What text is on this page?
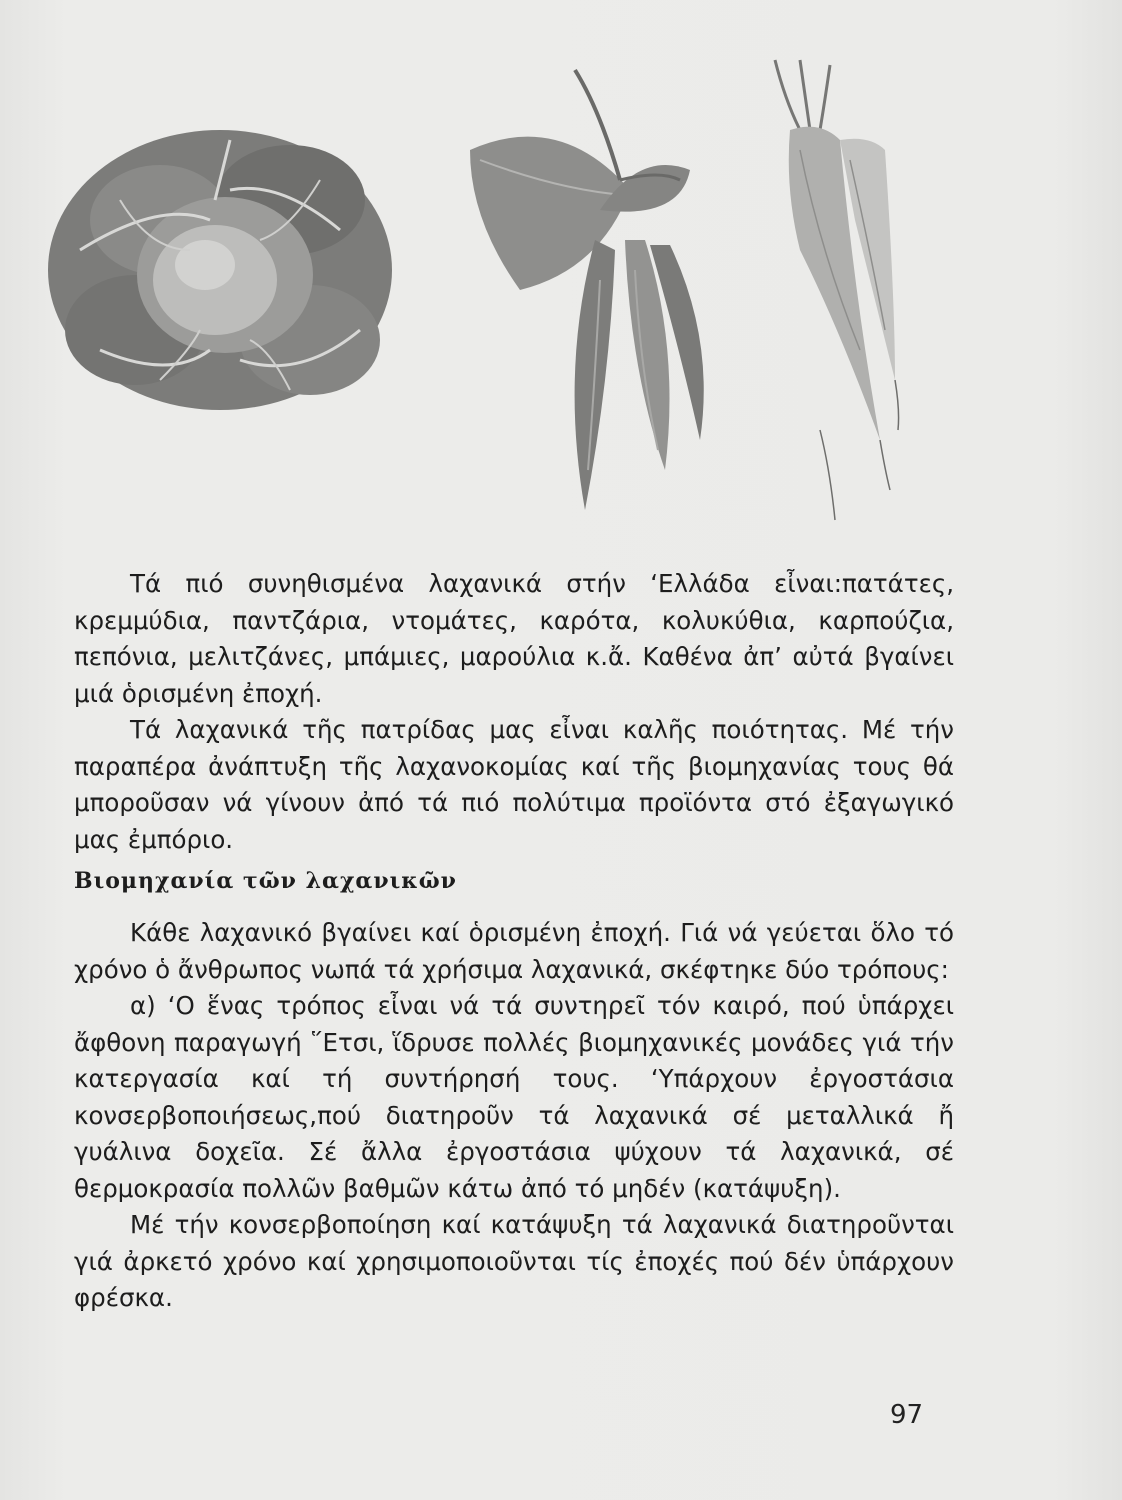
Τά πιό συνηθισμένα λαχανικά στήν ‘Ελλάδα εἶναι:πατάτες, κρεμμύδια, παντζάρια, ντομάτες, καρότα, κολυκύθια, καρπούζια, πεπόνια, μελιτζάνες, μπάμιες, μαρούλια κ.ἄ. Καθένα ἀπ’ αὐτά βγαίνει μιά ὁρισμένη ἐποχή.

Τά λαχανικά τῆς πατρίδας μας εἶναι καλῆς ποιότητας. Μέ τήν παραπέρα ἀνάπτυξη τῆς λαχανοκομίας καί τῆς βιομηχανίας τους θά μποροῦσαν νά γίνουν ἀπό τά πιό πολύτιμα προϊόντα στό ἐξαγωγικό μας ἐμπόριο.

Βιομηχανία τῶν λαχανικῶν

Κάθε λαχανικό βγαίνει καί ὁρισμένη ἐποχή. Γιά νά γεύεται ὅλο τό χρόνο ὁ ἄνθρωπος νωπά τά χρήσιμα λαχανικά, σκέφτηκε δύο τρόπους:

α) ‘Ο ἕνας τρόπος εἶναι νά τά συντηρεῖ τόν καιρό, πού ὑπάρχει ἄφθονη παραγωγή ῞Ετσι, ἵδρυσε πολλές βιομηχανικές μονάδες γιά τήν κατεργασία καί τή συντήρησή τους. ‘Υπάρχουν ἐργοστάσια κονσερβοποιήσεως,πού διατηροῦν τά λαχανικά σέ μεταλλικά ἤ γυάλινα δοχεῖα. Σέ ἄλλα ἐργοστάσια ψύχουν τά λαχανικά, σέ θερμοκρασία πολλῶν βαθμῶν κάτω ἀπό τό μηδέν (κατάψυξη).

Μέ τήν κονσερβοποίηση καί κατάψυξη τά λαχανικά διατηροῦνται γιά ἀρκετό χρόνο καί χρησιμοποιοῦνται τίς ἐποχές πού δέν ὑπάρχουν φρέσκα.

97
